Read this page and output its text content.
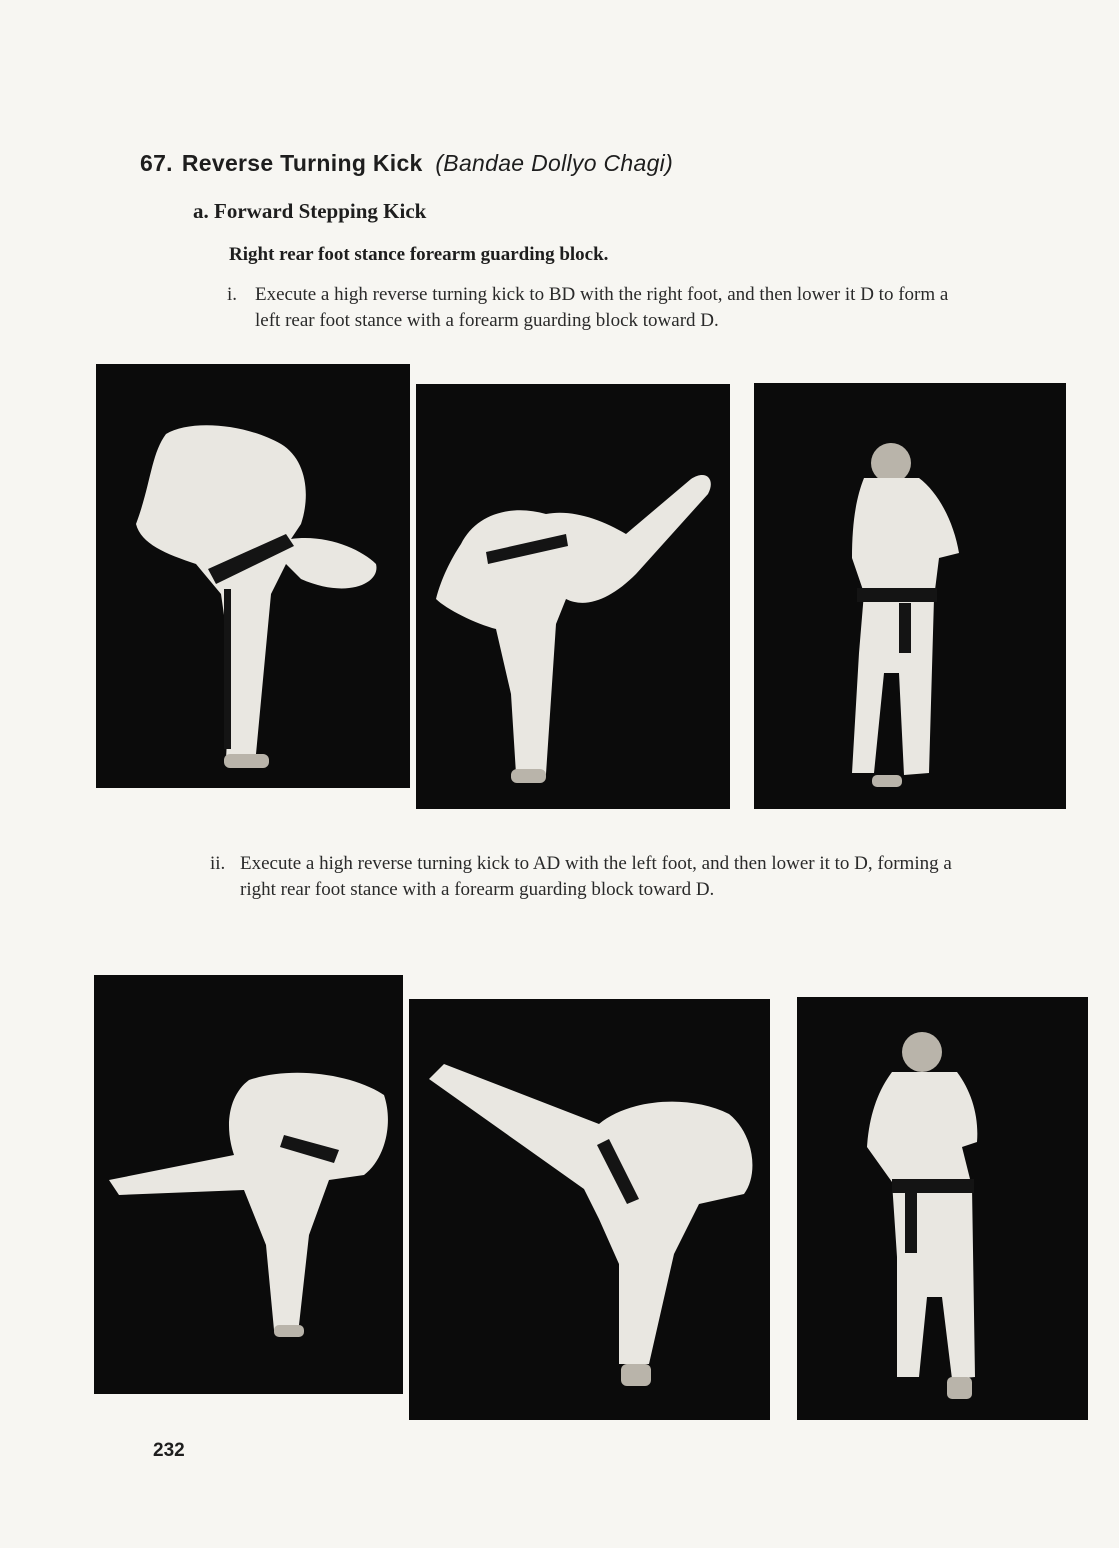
67. Reverse Turning Kick (Bandae Dollyo Chagi)
a. Forward Stepping Kick

Right rear foot stance forearm guarding block.

i. Execute a high reverse turning kick to BD with the right foot, and then lower it D to form a left rear foot stance with a forearm guarding block toward D.

ii. Execute a high reverse turning kick to AD with the left foot, and then lower it to D, forming a right rear foot stance with a forearm guarding block toward D.

232
